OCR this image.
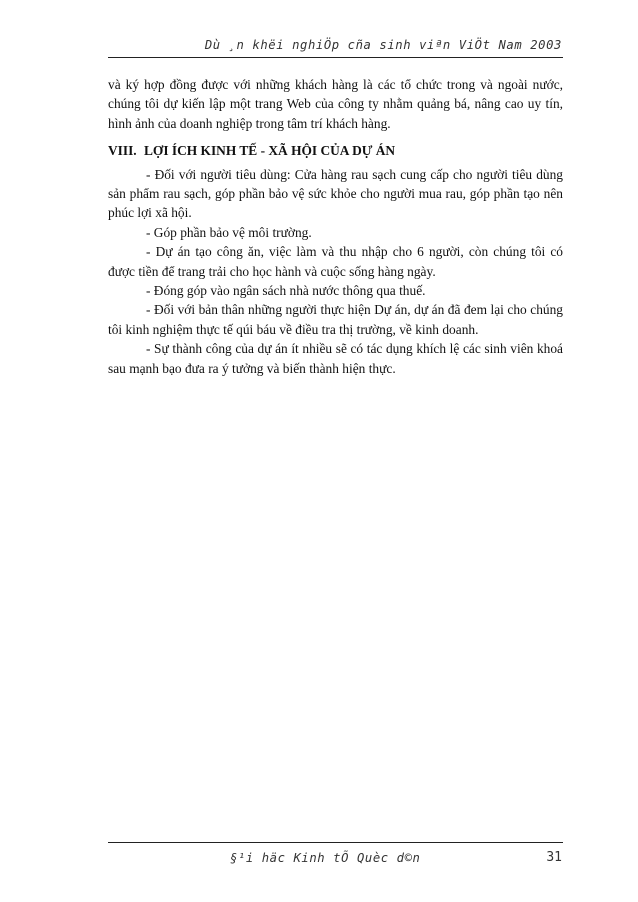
Dù ¸n khëi nghiÖp cña sinh viªn ViÖt Nam 2003

và ký hợp đồng được với những khách hàng là các tổ chức trong và ngoài nước, chúng tôi dự kiến lập một trang Web của công ty nhằm quảng bá, nâng cao uy tín, hình ảnh của doanh nghiệp trong tâm trí khách hàng.

VIII. LỢI ÍCH KINH TẾ - XÃ HỘI CỦA DỰ ÁN

- Đối với người tiêu dùng: Cửa hàng rau sạch cung cấp cho người tiêu dùng sản phẩm rau sạch, góp phần bảo vệ sức khỏe cho người mua rau, góp phần tạo nên phúc lợi xã hội.

- Góp phần bảo vệ môi trường.

- Dự án tạo công ăn, việc làm và thu nhập cho 6 người, còn chúng tôi có được tiền để trang trải cho học hành và cuộc sống hàng ngày.

- Đóng góp vào ngân sách nhà nước thông qua thuế.

- Đối với bản thân những người thực hiện Dự án, dự án đã đem lại cho chúng tôi kinh nghiệm thực tế qúi báu về điều tra thị trường, về kinh doanh.

- Sự thành công của dự án ít nhiều sẽ có tác dụng khích lệ các sinh viên khoá sau mạnh bạo đưa ra ý tưởng và biến thành hiện thực.

§¹i häc Kinh tÕ Quèc d©n	31
